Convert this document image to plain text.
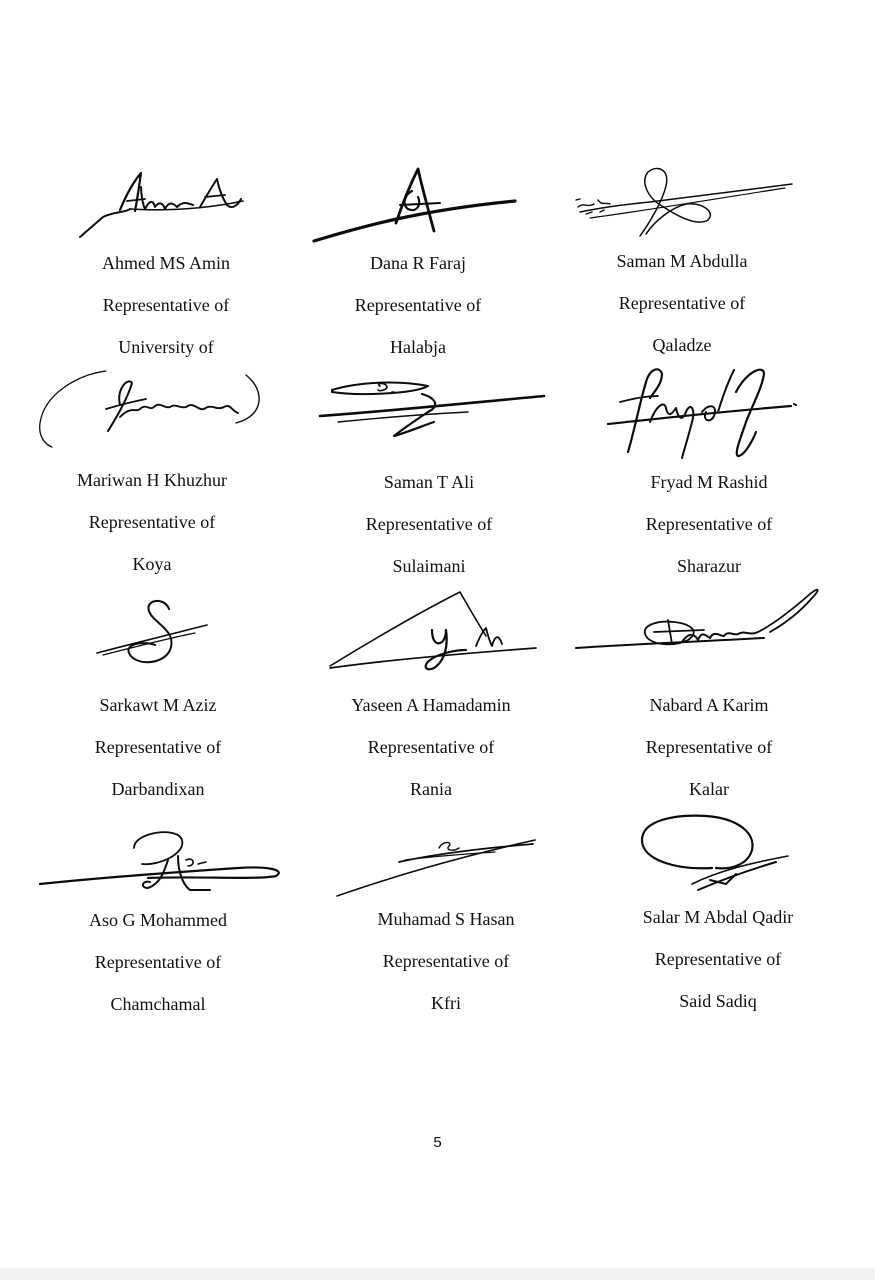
Ahmed MS Amin
Representative of
University of
Dana R Faraj
Representative of
Halabja
Saman M Abdulla
Representative of
Qaladze
Mariwan H Khuzhur
Representative of
Koya
Saman T Ali
Representative of
Sulaimani
Fryad M Rashid
Representative of
Sharazur
Sarkawt M Aziz
Representative of
Darbandixan
Yaseen A Hamadamin
Representative of
Rania
Nabard A Karim
Representative of
Kalar
Aso G Mohammed
Representative of
Chamchamal
Muhamad S Hasan
Representative of
Kfri
Salar M Abdal Qadir
Representative of
Said Sadiq
5
